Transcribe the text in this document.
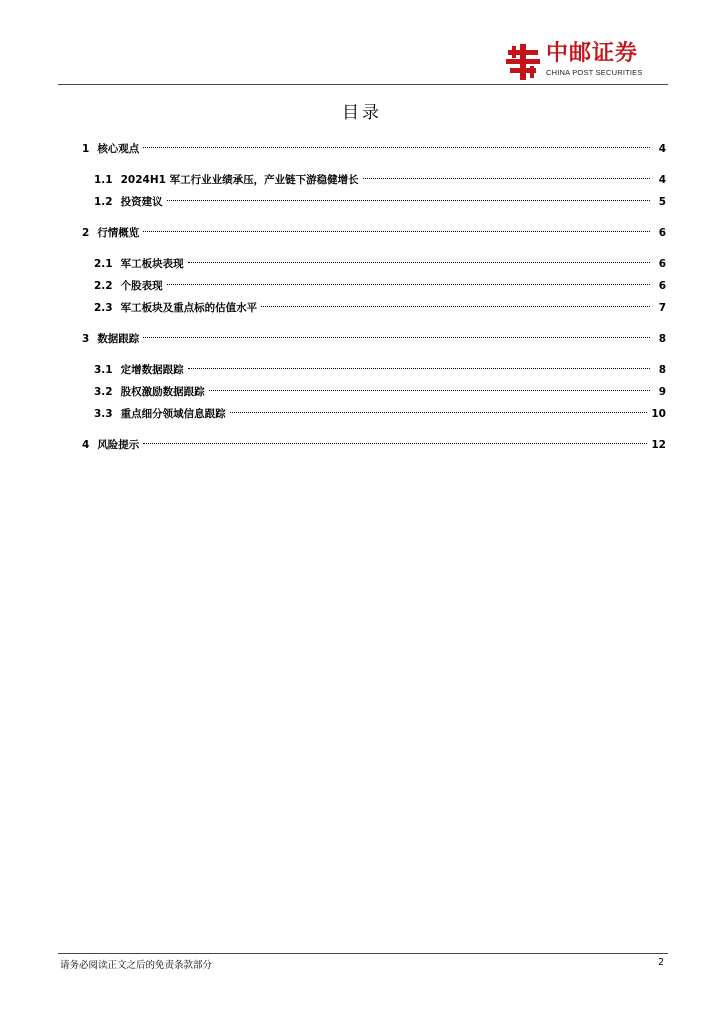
中邮证券
CHINA POST SECURITIES
目录
1 核心观点	4
1.1 2024H1 军工行业业绩承压，产业链下游稳健增长	4
1.2 投资建议	5
2 行情概览	6
2.1 军工板块表现	6
2.2 个股表现	6
2.3 军工板块及重点标的估值水平	7
3 数据跟踪	8
3.1 定增数据跟踪	8
3.2 股权激励数据跟踪	9
3.3 重点细分领域信息跟踪	10
4 风险提示	12
请务必阅读正文之后的免责条款部分	2
